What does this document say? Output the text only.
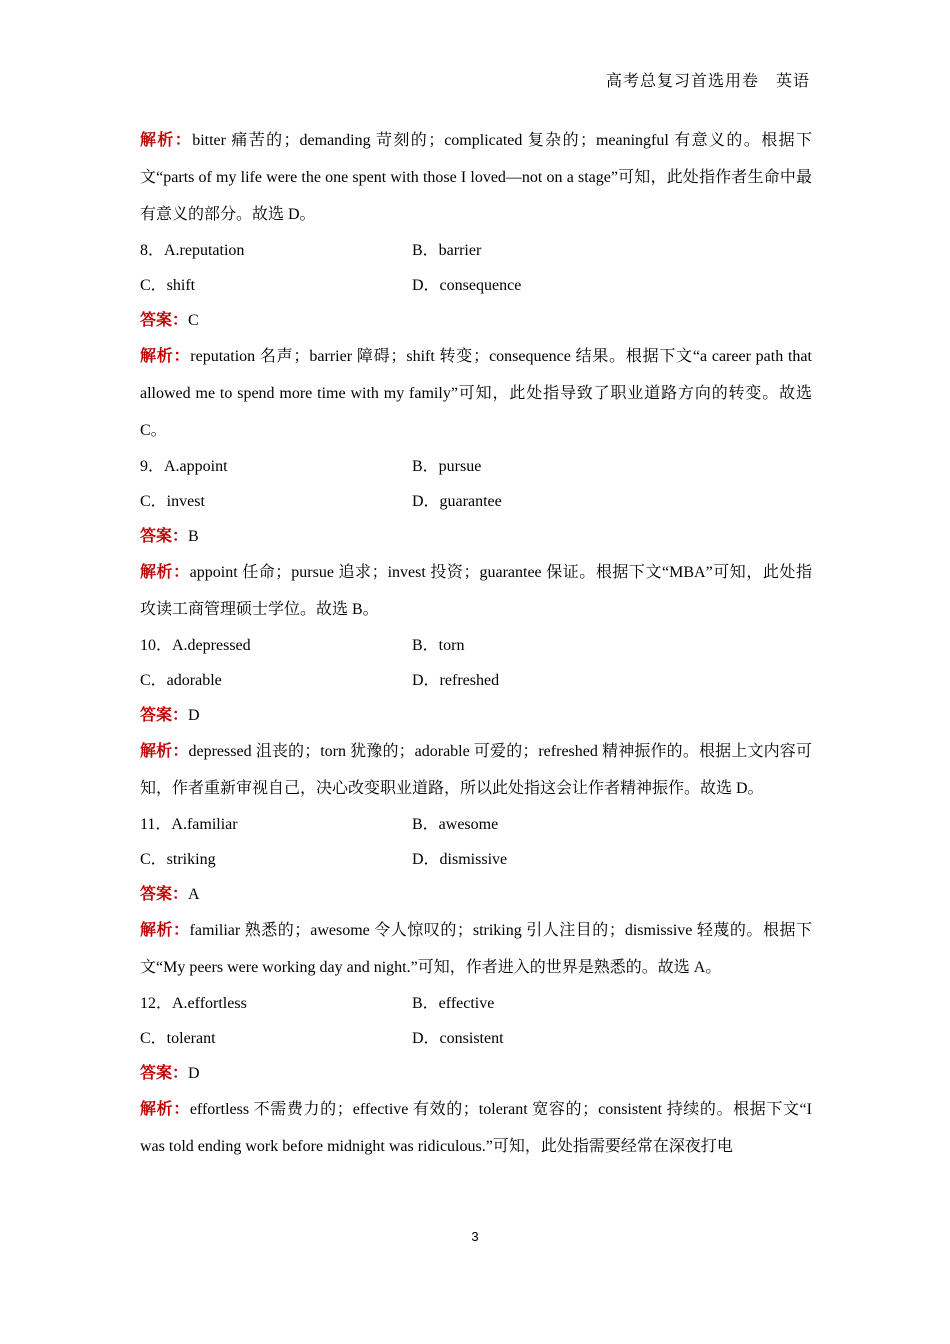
高考总复习首选用卷　英语

解析：bitter 痛苦的；demanding 苛刻的；complicated 复杂的；meaningful 有意义的。根据下文“parts of my life were the one spent with those I loved—not on a stage”可知，此处指作者生命中最有意义的部分。故选 D。

8．A.reputation	B．barrier
C．shift	D．consequence
答案：C

解析：reputation 名声；barrier 障碍；shift 转变；consequence 结果。根据下文“a career path that allowed me to spend more time with my family”可知，此处指导致了职业道路方向的转变。故选 C。

9．A.appoint	B．pursue
C．invest	D．guarantee
答案：B

解析：appoint 任命；pursue 追求；invest 投资；guarantee 保证。根据下文“MBA”可知，此处指攻读工商管理硕士学位。故选 B。

10．A.depressed	B．torn
C．adorable	D．refreshed
答案：D

解析：depressed 沮丧的；torn 犹豫的；adorable 可爱的；refreshed 精神振作的。根据上文内容可知，作者重新审视自己，决心改变职业道路，所以此处指这会让作者精神振作。故选 D。

11．A.familiar	B．awesome
C．striking	D．dismissive
答案：A

解析：familiar 熟悉的；awesome 令人惊叹的；striking 引人注目的；dismissive 轻蔑的。根据下文“My peers were working day and night.”可知，作者进入的世界是熟悉的。故选 A。

12．A.effortless	B．effective
C．tolerant	D．consistent
答案：D

解析：effortless 不需费力的；effective 有效的；tolerant 宽容的；consistent 持续的。根据下文“I was told ending work before midnight was ridiculous.”可知，此处指需要经常在深夜打电

3
